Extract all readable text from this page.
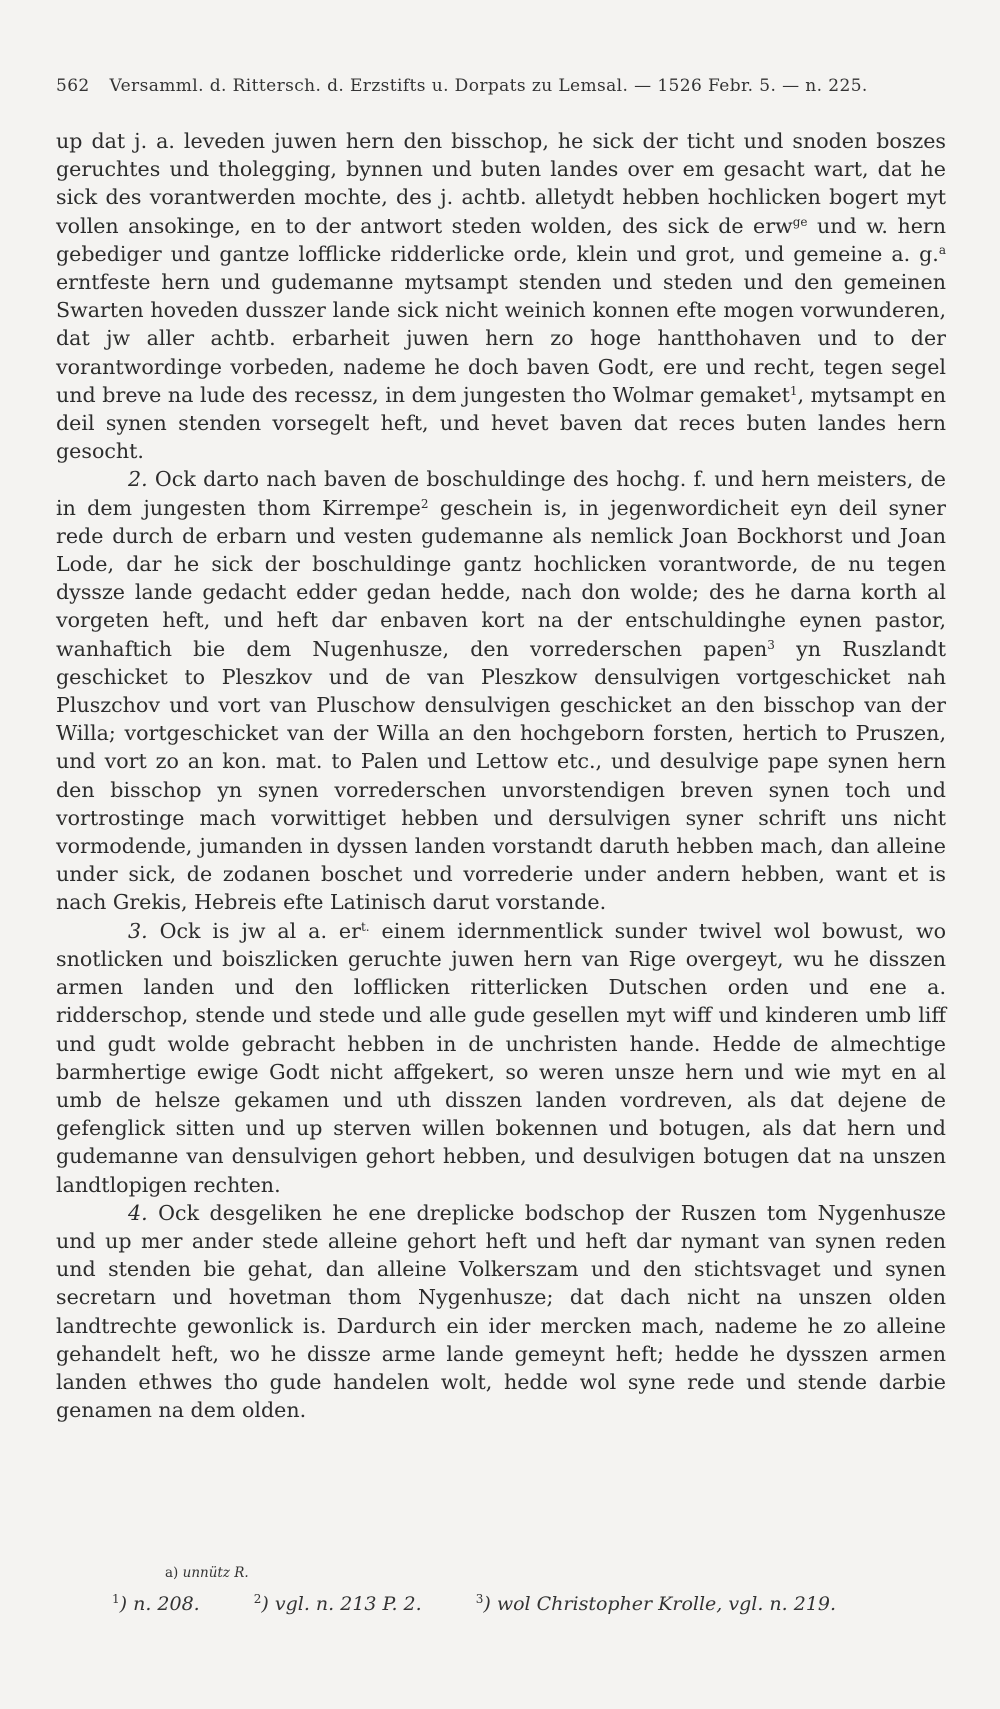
562 Versamml. d. Rittersch. d. Erzstifts u. Dorpats zu Lemsal. — 1526 Febr. 5. — n. 225.

up dat j. a. leveden juwen hern den bisschop, he sick der ticht und snoden boszes geruchtes und tholegging, bynnen und buten landes over em gesacht wart, dat he sick des vorantwerden mochte, des j. achtb. alletydt hebben hochlicken bogert myt vollen ansokinge, en to der antwort steden wolden, des sick de erw$^{ge}$ und w. hern gebediger und gantze lofflicke ridderlicke orde, klein und grot, und gemeine a. g.$^a$ erntfeste hern und gudemanne mytsampt stenden und steden und den gemeinen Swarten hoveden dusszer lande sick nicht weinich konnen efte mogen vorwunderen, dat jw aller achtb. erbarheit juwen hern zo hoge hantthohaven und to der vorantwordinge vorbeden, nademe he doch baven Godt, ere und recht, tegen segel und breve na lude des recessz, in dem jungesten tho Wolmar gemaket$^1$, mytsampt en deil synen stenden vorsegelt heft, und hevet baven dat reces buten landes hern gesocht.

2. Ock darto nach baven de boschuldinge des hochg. f. und hern meisters, de in dem jungesten thom Kirrempe$^2$ geschein is, in jegenwordicheit eyn deil syner rede durch de erbarn und vesten gudemanne als nemlick Joan Bockhorst und Joan Lode, dar he sick der boschuldinge gantz hochlicken vorantworde, de nu tegen dyssze lande gedacht edder gedan hedde, nach don wolde; des he darna korth al vorgeten heft, und heft dar enbaven kort na der entschuldinghe eynen pastor, wanhaftich bie dem Nugenhusze, den vorrederschen papen$^3$ yn Ruszlandt geschicket to Pleszkov und de van Pleszkow densulvigen vortgeschicket nah Pluszchov und vort van Pluschow densulvigen geschicket an den bisschop van der Willa; vortgeschicket van der Willa an den hochgeborn forsten, hertich to Pruszen, und vort zo an kon. mat. to Palen und Lettow etc., und desulvige pape synen hern den bisschop yn synen vorrederschen unvorstendigen breven synen toch und vortrostinge mach vorwittiget hebben und dersulvigen syner schrift uns nicht vormodende, jumanden in dyssen landen vorstandt daruth hebben mach, dan alleine under sick, de zodanen boschet und vorrederie under andern hebben, want et is nach Grekis, Hebreis efte Latinisch darut vorstande.

3. Ock is jw al a. $er^{t.}$ einem idernmentlick sunder twivel wol bowust, wo snotlicken und boiszlicken geruchte juwen hern van Rige overgeyt, wu he disszen armen landen und den lofflicken ritterlicken Dutschen orden und ene a. ridderschop, stende und stede und alle gude gesellen myt wiff und kinderen umb liff und gudt wolde gebracht hebben in de unchristen hande. Hedde de almechtige barmhertige ewige Godt nicht affgekert, so weren unsze hern und wie myt en al umb de helsze gekamen und uth disszen landen vordreven, als dat dejene de gefenglick sitten und up sterven willen bokennen und botugen, als dat hern und gudemanne van densulvigen gehort hebben, und desulvigen botugen dat na unszen landtlopigen rechten.

4. Ock desgeliken he ene dreplicke bodschop der Ruszen tom Nygenhusze und up mer ander stede alleine gehort heft und heft dar nymant van synen reden und stenden bie gehat, dan alleine Volkerszam und den stichtsvaget und synen secretarn und hovetman thom Nygenhusze; dat dach nicht na unszen olden landtrechte gewonlick is. Dardurch ein ider mercken mach, nademe he zo alleine gehandelt heft, wo he dissze arme lande gemeynt heft; hedde he dysszen armen landen ethwes tho gude handelen wolt, hedde wol syne rede und stende darbie genamen na dem olden.

a) unnütz R.
$^1$) n. 208.	$^2$) vgl. n. 213 P. 2.	$^3$) wol Christopher Krolle, vgl. n. 219.
